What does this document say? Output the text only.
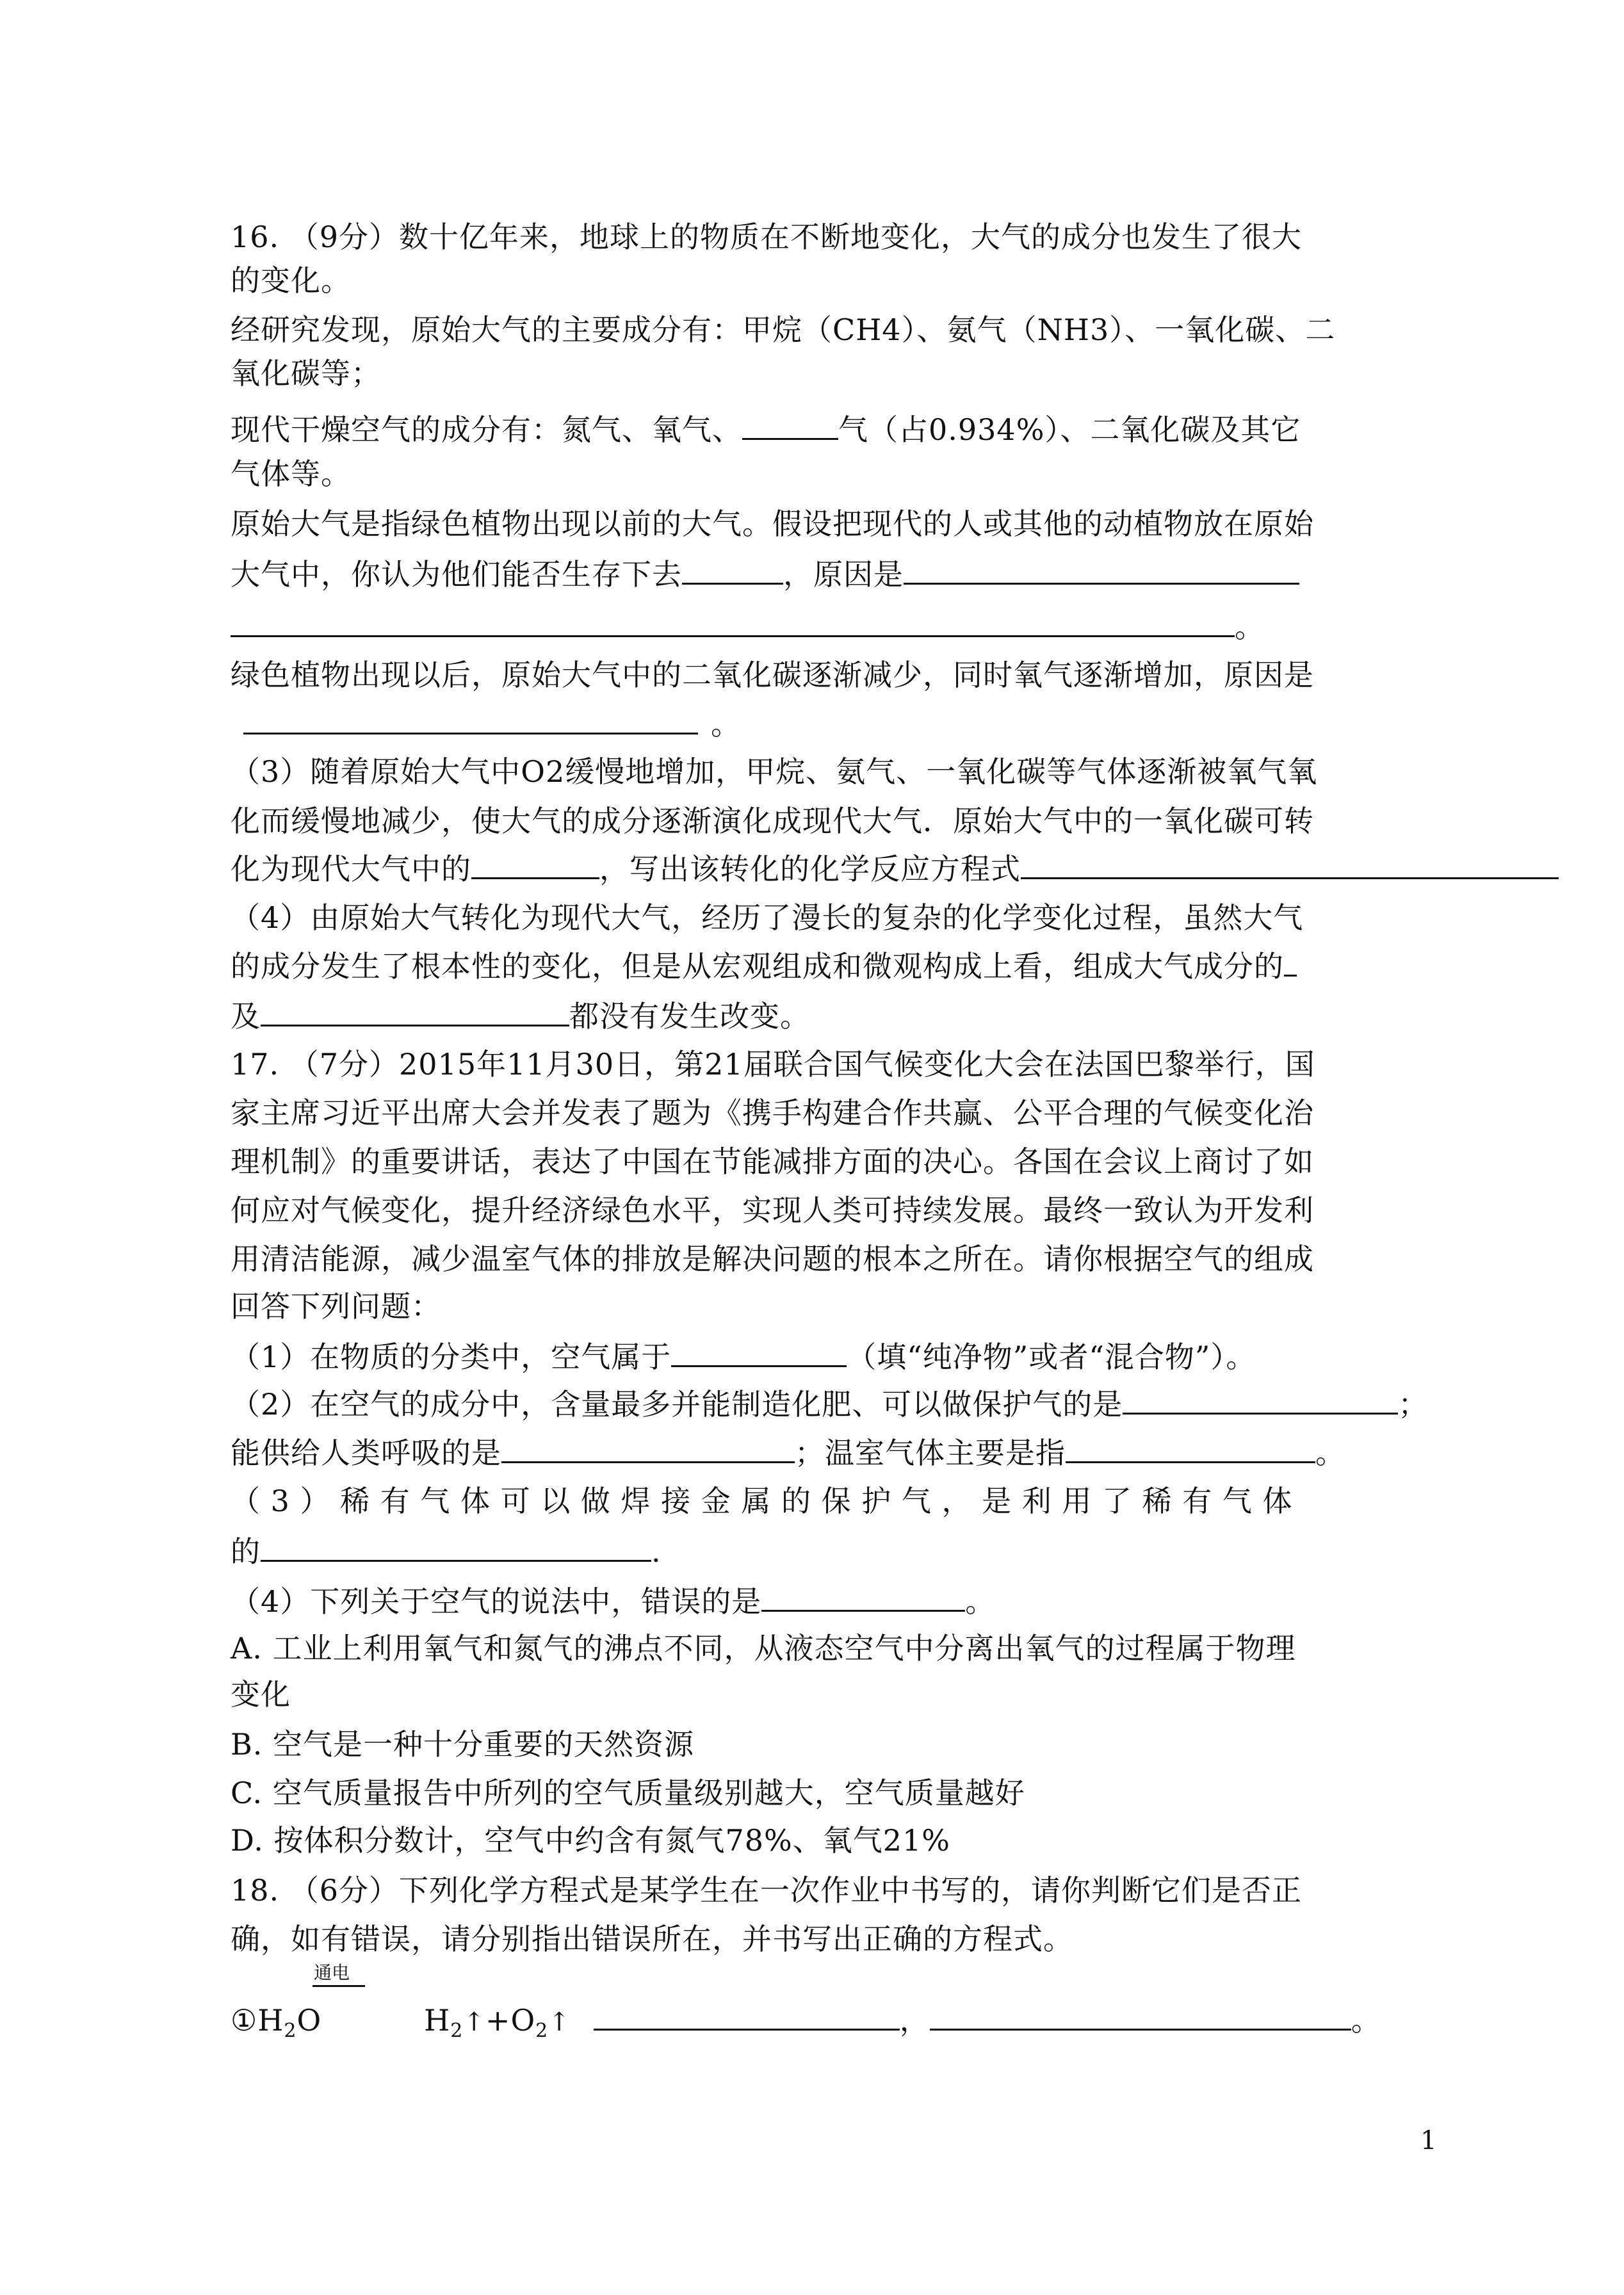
16. （9分）数十亿年来，地球上的物质在不断地变化，大气的成分也发生了很大
的变化。
经研究发现，原始大气的主要成分有：甲烷（CH4）、氨气（NH3）、一氧化碳、二
氧化碳等；
现代干燥空气的成分有：氮气、氧气、	气（占0.934%）、二氧化碳及其它
气体等。
原始大气是指绿色植物出现以前的大气。假设把现代的人或其他的动植物放在原始
大气中，你认为他们能否生存下去	，原因是
。
绿色植物出现以后，原始大气中的二氧化碳逐渐减少，同时氧气逐渐增加，原因是
。
（3）随着原始大气中O2缓慢地增加，甲烷、氨气、一氧化碳等气体逐渐被氧气氧
化而缓慢地减少，使大气的成分逐渐演化成现代大气．原始大气中的一氧化碳可转
化为现代大气中的	，写出该转化的化学反应方程式
（4）由原始大气转化为现代大气，经历了漫长的复杂的化学变化过程，虽然大气
的成分发生了根本性的变化，但是从宏观组成和微观构成上看，组成大气成分的
及	都没有发生改变。
17. （7分）2015年11月30日，第21届联合国气候变化大会在法国巴黎举行，国
家主席习近平出席大会并发表了题为《携手构建合作共赢、公平合理的气候变化治
理机制》的重要讲话，表达了中国在节能减排方面的决心。各国在会议上商讨了如
何应对气候变化，提升经济绿色水平，实现人类可持续发展。最终一致认为开发利
用清洁能源，减少温室气体的排放是解决问题的根本之所在。请你根据空气的组成
回答下列问题：
（1）在物质的分类中，空气属于	（填“纯净物”或者“混合物”）。
（2）在空气的成分中，含量最多并能制造化肥、可以做保护气的是	；
能供给人类呼吸的是	；温室气体主要是指	。
（ 3 ） 稀 有 气 体 可 以 做 焊 接 金 属 的 保 护 气 ， 是 利 用 了 稀 有 气 体
的	.
（4）下列关于空气的说法中，错误的是	。
A. 工业上利用氧气和氮气的沸点不同，从液态空气中分离出氧气的过程属于物理
变化
B. 空气是一种十分重要的天然资源
C. 空气质量报告中所列的空气质量级别越大，空气质量越好
D. 按体积分数计，空气中约含有氮气78%、氧气21%
18. （6分）下列化学方程式是某学生在一次作业中书写的，请你判断它们是否正
确，如有错误，请分别指出错误所在，并书写出正确的方程式。
通电
$①H_2O$	$H_2↑+O_2↑$	，	。
1
